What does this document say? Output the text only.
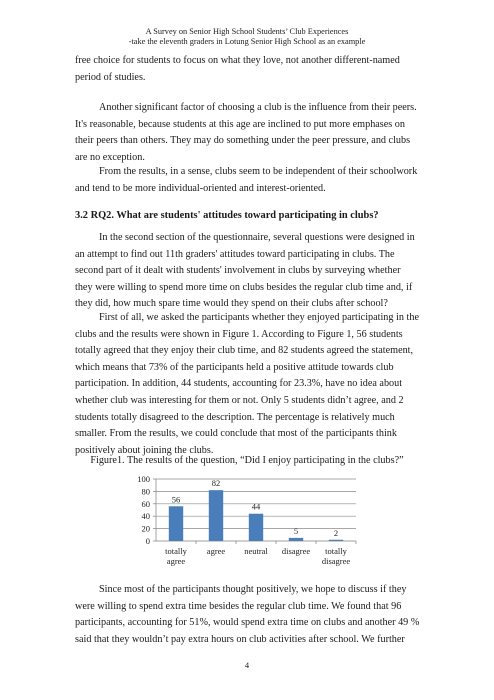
A Survey on Senior High School Students’ Club Experiences
-take the eleventh graders in Lotung Senior High School as an example

free choice for students to focus on what they love, not another different-named period of studies.

Another significant factor of choosing a club is the influence from their peers. It's reasonable, because students at this age are inclined to put more emphases on their peers than others. They may do something under the peer pressure, and clubs are no exception.

From the results, in a sense, clubs seem to be independent of their schoolwork and tend to be more individual-oriented and interest-oriented.

3.2 RQ2. What are students' attitudes toward participating in clubs?

In the second section of the questionnaire, several questions were designed in an attempt to find out 11th graders' attitudes toward participating in clubs. The second part of it dealt with students' involvement in clubs by surveying whether they were willing to spend more time on clubs besides the regular club time and, if they did, how much spare time would they spend on their clubs after school?

First of all, we asked the participants whether they enjoyed participating in the clubs and the results were shown in Figure 1. According to Figure 1, 56 students totally agreed that they enjoy their club time, and 82 students agreed the statement, which means that 73% of the participants held a positive attitude towards club participation. In addition, 44 students, accounting for 23.3%, have no idea about whether club was interesting for them or not. Only 5 students didn’t agree, and 2 students totally disagreed to the description. The percentage is relatively much smaller. From the results, we could conclude that most of the participants think positively about joining the clubs.

Figure1. The results of the question, “Did I enjoy participating in the clubs?”
0
20
40
60
80
100
56
totally
agree
82
agree
44
neutral
5
disagree
2
totally
disagree

Since most of the participants thought positively, we hope to discuss if they were willing to spend extra time besides the regular club time. We found that 96 participants, accounting for 51%, would spend extra time on clubs and another 49 % said that they wouldn’t pay extra hours on club activities after school. We further

4
